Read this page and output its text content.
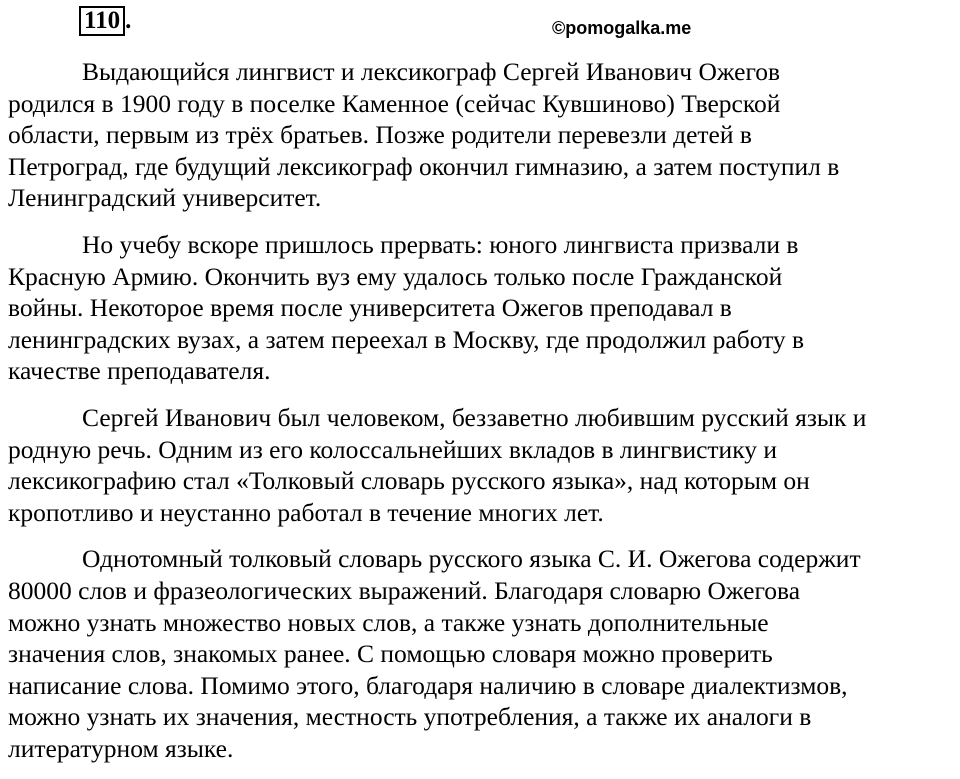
110 .	©pomogalka.me

Выдающийся лингвист и лексикограф Сергей Иванович Ожегов
родился в 1900 году в поселке Каменное (сейчас Кувшиново) Тверской
области, первым из трёх братьев. Позже родители перевезли детей в
Петроград, где будущий лексикограф окончил гимназию, а затем поступил в
Ленинградский университет.

Но учебу вскоре пришлось прервать: юного лингвиста призвали в
Красную Армию. Окончить вуз ему удалось только после Гражданской
войны. Некоторое время после университета Ожегов преподавал в
ленинградских вузах, а затем переехал в Москву, где продолжил работу в
качестве преподавателя.

Сергей Иванович был человеком, беззаветно любившим русский язык и
родную речь. Одним из его колоссальнейших вкладов в лингвистику и
лексикографию стал «Толковый словарь русского языка», над которым он
кропотливо и неустанно работал в течение многих лет.

Однотомный толковый словарь русского языка С. И. Ожегова содержит
80000 слов и фразеологических выражений. Благодаря словарю Ожегова
можно узнать множество новых слов, а также узнать дополнительные
значения слов, знакомых ранее. С помощью словаря можно проверить
написание слова. Помимо этого, благодаря наличию в словаре диалектизмов,
можно узнать их значения, местность употребления, а также их аналоги в
литературном языке.
